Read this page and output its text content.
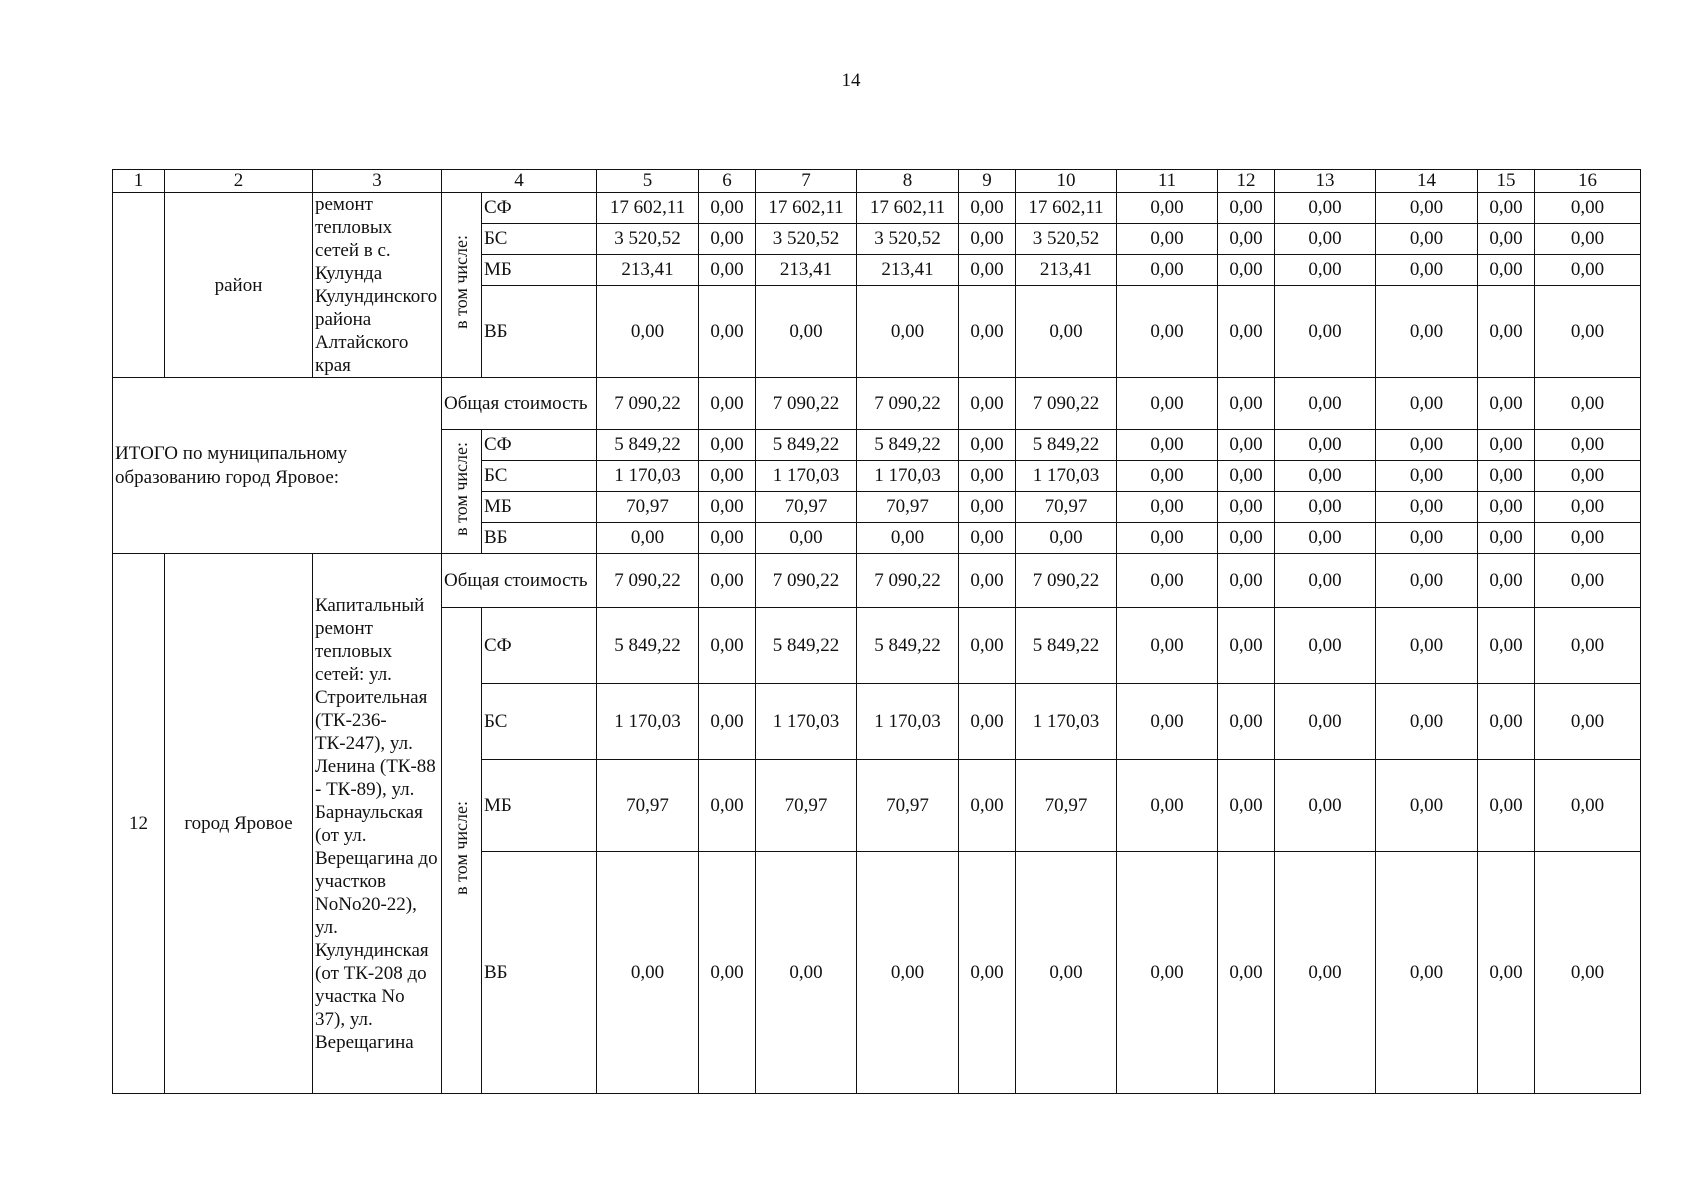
14
1	2	3	4		5	6	7	8	9	10	11	12	13	14	15	16
	район	ремонт тепловых сетей в с. Кулунда Кулундинского района Алтайского края	в том числе:	СФ	17 602,11	0,00	17 602,11	17 602,11	0,00	17 602,11	0,00	0,00	0,00	0,00	0,00	0,00
				БС	3 520,52	0,00	3 520,52	3 520,52	0,00	3 520,52	0,00	0,00	0,00	0,00	0,00	0,00
				МБ	213,41	0,00	213,41	213,41	0,00	213,41	0,00	0,00	0,00	0,00	0,00	0,00
				ВБ	0,00	0,00	0,00	0,00	0,00	0,00	0,00	0,00	0,00	0,00	0,00	0,00
ИТОГО по муниципальному образованию город Яровое:			Общая стоимость		7 090,22	0,00	7 090,22	7 090,22	0,00	7 090,22	0,00	0,00	0,00	0,00	0,00	0,00
			в том числе:	СФ	5 849,22	0,00	5 849,22	5 849,22	0,00	5 849,22	0,00	0,00	0,00	0,00	0,00	0,00
				БС	1 170,03	0,00	1 170,03	1 170,03	0,00	1 170,03	0,00	0,00	0,00	0,00	0,00	0,00
				МБ	70,97	0,00	70,97	70,97	0,00	70,97	0,00	0,00	0,00	0,00	0,00	0,00
				ВБ	0,00	0,00	0,00	0,00	0,00	0,00	0,00	0,00	0,00	0,00	0,00	0,00
12	город Яровое	Капитальный ремонт тепловых сетей: ул. Строительная (ТК-236-ТК-247), ул. Ленина (ТК-88 - ТК-89), ул. Барнаульская (от ул. Верещагина до участков NoNo20-22), ул. Кулундинская (от ТК-208 до участка No 37), ул. Верещагина	Общая стоимость		7 090,22	0,00	7 090,22	7 090,22	0,00	7 090,22	0,00	0,00	0,00	0,00	0,00	0,00
			в том числе:	СФ	5 849,22	0,00	5 849,22	5 849,22	0,00	5 849,22	0,00	0,00	0,00	0,00	0,00	0,00
				БС	1 170,03	0,00	1 170,03	1 170,03	0,00	1 170,03	0,00	0,00	0,00	0,00	0,00	0,00
				МБ	70,97	0,00	70,97	70,97	0,00	70,97	0,00	0,00	0,00	0,00	0,00	0,00
				ВБ	0,00	0,00	0,00	0,00	0,00	0,00	0,00	0,00	0,00	0,00	0,00	0,00
